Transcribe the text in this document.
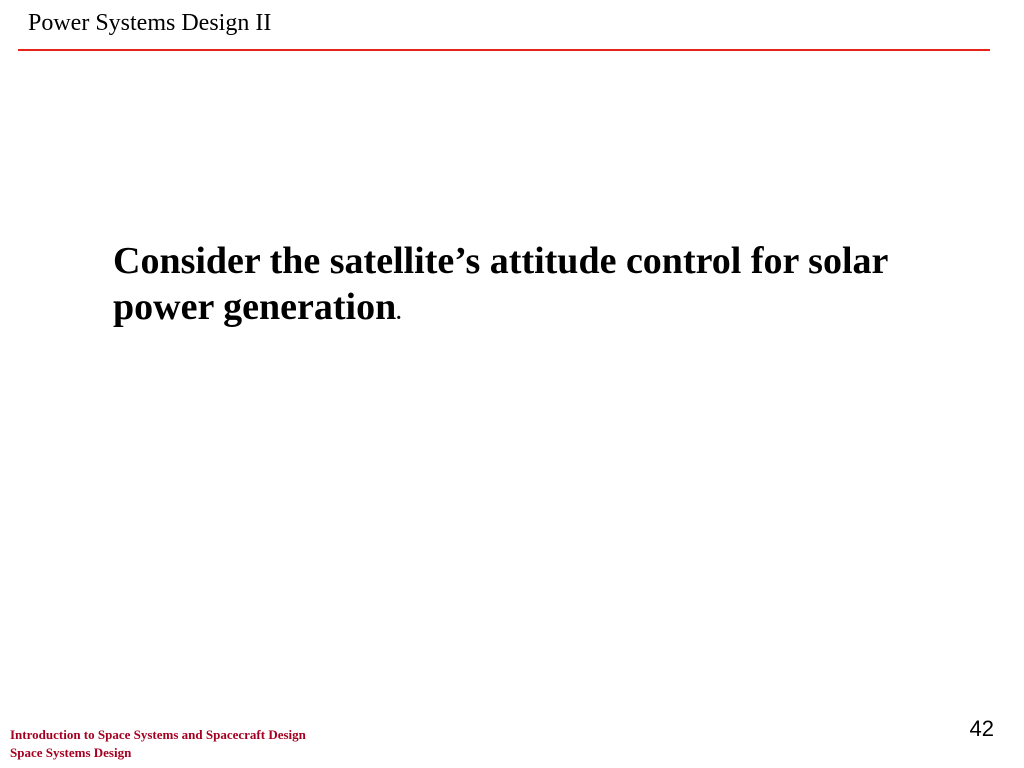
Power Systems Design II
Consider the satellite’s attitude control for solar power generation.
Introduction to Space Systems and Spacecraft Design
Space Systems Design
42
